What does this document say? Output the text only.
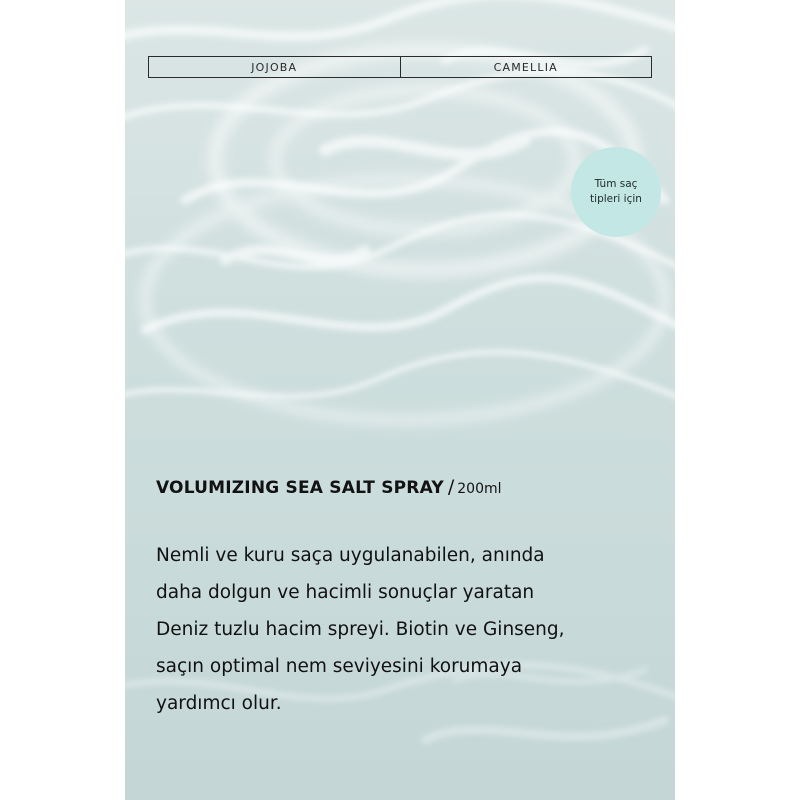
JOJOBA	CAMELLIA
Tüm saç
tipleri için
VOLUMIZING SEA SALT SPRAY / 200ml
Nemli ve kuru saça uygulanabilen, anında
daha dolgun ve hacimli sonuçlar yaratan
Deniz tuzlu hacim spreyi. Biotin ve Ginseng,
saçın optimal nem seviyesini korumaya
yardımcı olur.
